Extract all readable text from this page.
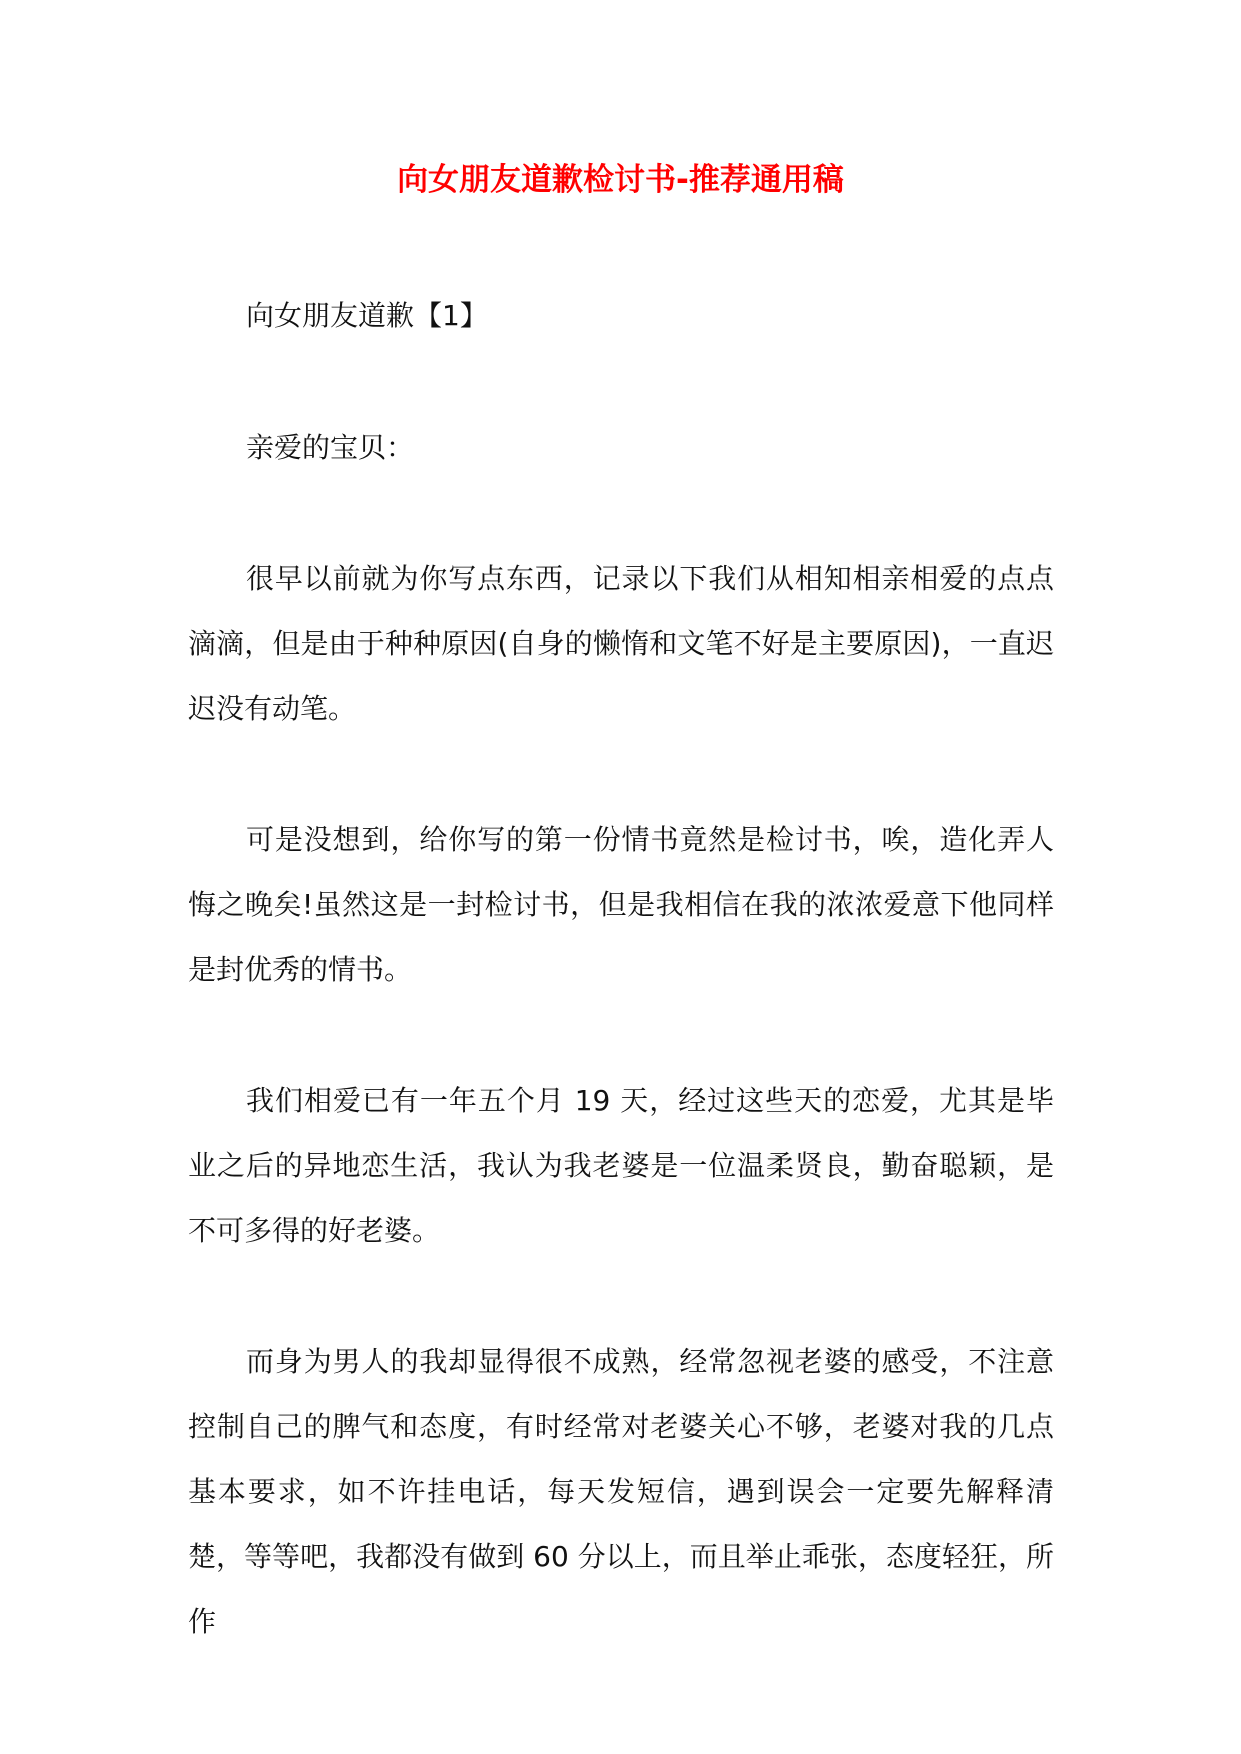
向女朋友道歉检讨书-推荐通用稿

向女朋友道歉【1】

亲爱的宝贝：

很早以前就为你写点东西，记录以下我们从相知相亲相爱的点点滴滴，但是由于种种原因(自身的懒惰和文笔不好是主要原因)，一直迟迟没有动笔。

可是没想到，给你写的第一份情书竟然是检讨书，唉，造化弄人悔之晚矣!虽然这是一封检讨书，但是我相信在我的浓浓爱意下他同样是封优秀的情书。

我们相爱已有一年五个月 19 天，经过这些天的恋爱，尤其是毕业之后的异地恋生活，我认为我老婆是一位温柔贤良，勤奋聪颖，是不可多得的好老婆。

而身为男人的我却显得很不成熟，经常忽视老婆的感受，不注意控制自己的脾气和态度，有时经常对老婆关心不够，老婆对我的几点基本要求，如不许挂电话，每天发短信，遇到误会一定要先解释清楚，等等吧，我都没有做到 60 分以上，而且举止乖张，态度轻狂，所作
